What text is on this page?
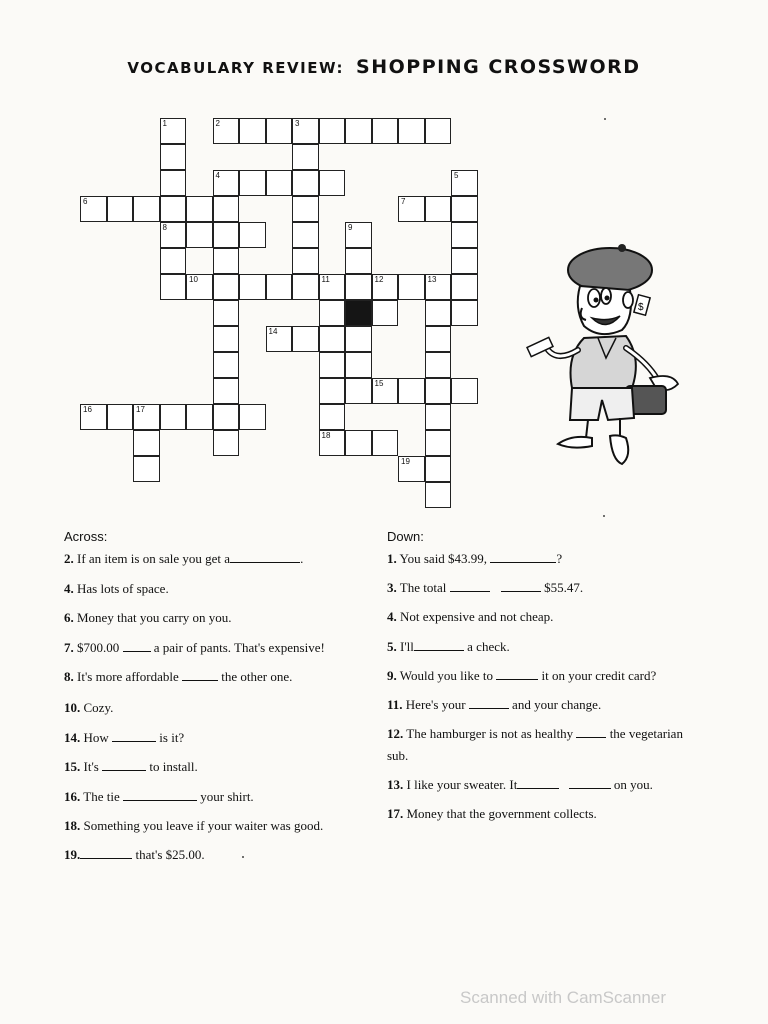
VOCABULARY REVIEW: SHOPPING CROSSWORD
1
8
2	3
4	5
6	7
9
10	11	12	13
18
14
15
16	17
19
$
Across:	Down:
2. If an item is on sale you get a	.
4. Has lots of space.
6. Money that you carry on you.
7. $700.00	a pair of pants. That's expensive!
8. It's more affordable	the other one.
10. Cozy.
14. How	is it?
15. It's	to install.
16. The tie	your shirt.
18. Something you leave if your waiter was good.
19.	that's $25.00.
1. You said $43.99,	?
3. The total	$55.47.
4. Not expensive and not cheap.
5. I'll	a check.
9. Would you like to	it on your credit card?
11. Here's your	and your change.
12. The hamburger is not as healthy	the vegetarian sub.
13. I like your sweater. It	on you.
17. Money that the government collects.
Scanned with CamScanner
